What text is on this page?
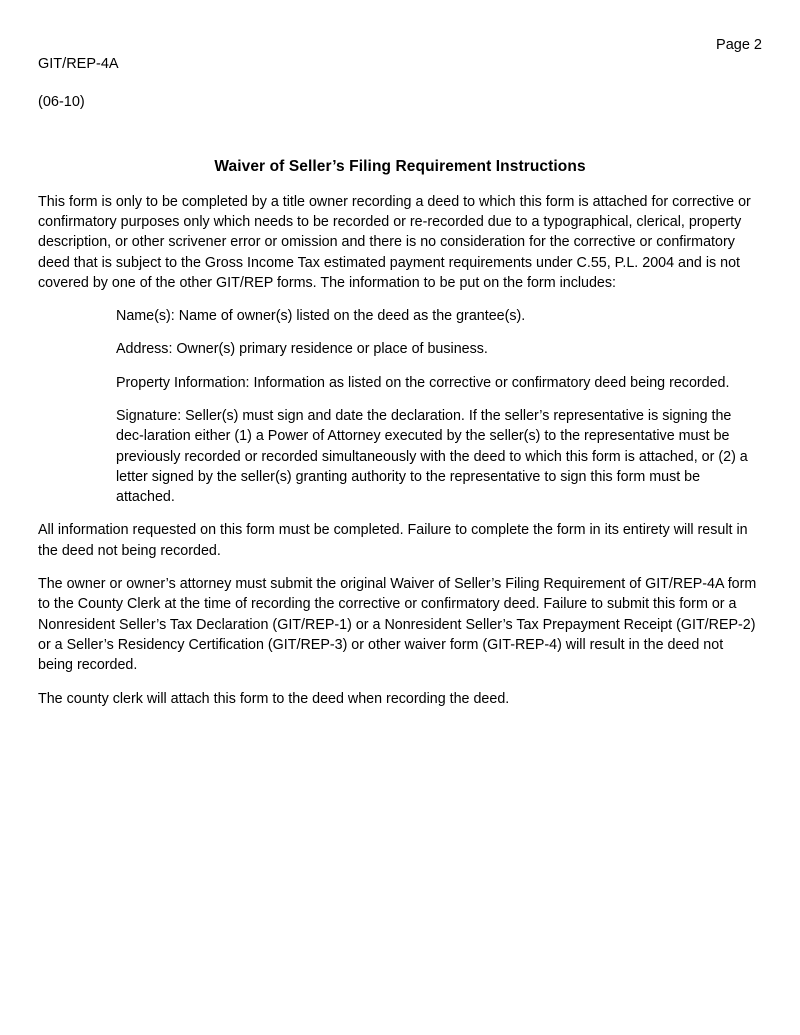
GIT/REP-4A

(06-10)

Page 2
Waiver of Seller’s Filing Requirement Instructions
This form is only to be completed by a title owner recording a deed to which this form is attached for corrective or confirmatory purposes only which needs to be recorded or re-recorded due to a typographical, clerical, property description, or other scrivener error or omission and there is no consideration for the corrective or confirmatory deed that is subject to the Gross Income Tax estimated payment requirements under C.55, P.L. 2004 and is not covered by one of the other GIT/REP forms. The information to be put on the form includes:
Name(s): Name of owner(s) listed on the deed as the grantee(s).
Address: Owner(s) primary residence or place of business.
Property Information: Information as listed on the corrective or confirmatory deed being recorded.
Signature: Seller(s) must sign and date the declaration. If the seller’s representative is signing the dec-laration either (1) a Power of Attorney executed by the seller(s) to the representative must be previously recorded or recorded simultaneously with the deed to which this form is attached, or (2) a letter signed by the seller(s) granting authority to the representative to sign this form must be attached.
All information requested on this form must be completed. Failure to complete the form in its entirety will result in the deed not being recorded.
The owner or owner’s attorney must submit the original Waiver of Seller’s Filing Requirement of GIT/REP-4A form to the County Clerk at the time of recording the corrective or confirmatory deed. Failure to submit this form or a Nonresident Seller’s Tax Declaration (GIT/REP-1) or a Nonresident Seller’s Tax Prepayment Receipt (GIT/REP-2) or a Seller’s Residency Certification (GIT/REP-3) or other waiver form (GIT-REP-4) will result in the deed not being recorded.
The county clerk will attach this form to the deed when recording the deed.
